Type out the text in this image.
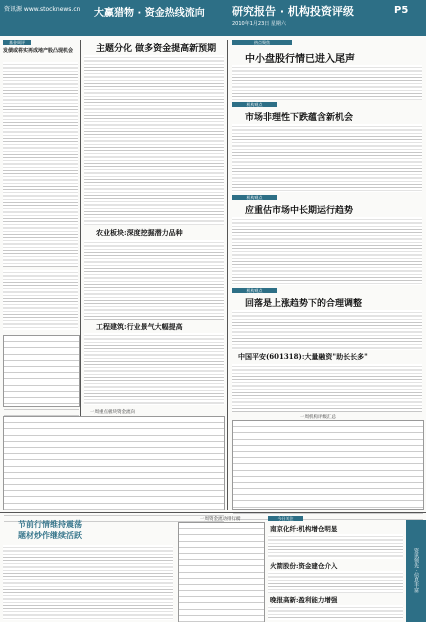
资讯源 www.stocknews.cn 大赢猎物 · 资金热线流向 研究报告 · 机构投资评级
2010年1月23日 星期六
P5
基金周评
发债或将实再成地产股凸现机会	主题分化 做多资金提高新预期
农业板块:深度挖掘潜力品种
工程建筑:行业景气大幅提高
一周重点板块资金流向
热点聚焦
中小盘股行情已进入尾声
机构观点
市场非理性下跌蕴含新机会
机构观点
应重估市场中长期运行趋势
机构观点
回落是上涨趋势下的合理调整
中国平安(601318):大量融资"助长长多"
一周机构评级汇总
节前行情维持震荡
题材炒作继续活跃
一周资金流动排行榜	今日关注
南京化纤:机构增仓明显
火箭股份:资金建仓介入
晚报高新:盈利能力增强
资讯领先 · 信息丰富
